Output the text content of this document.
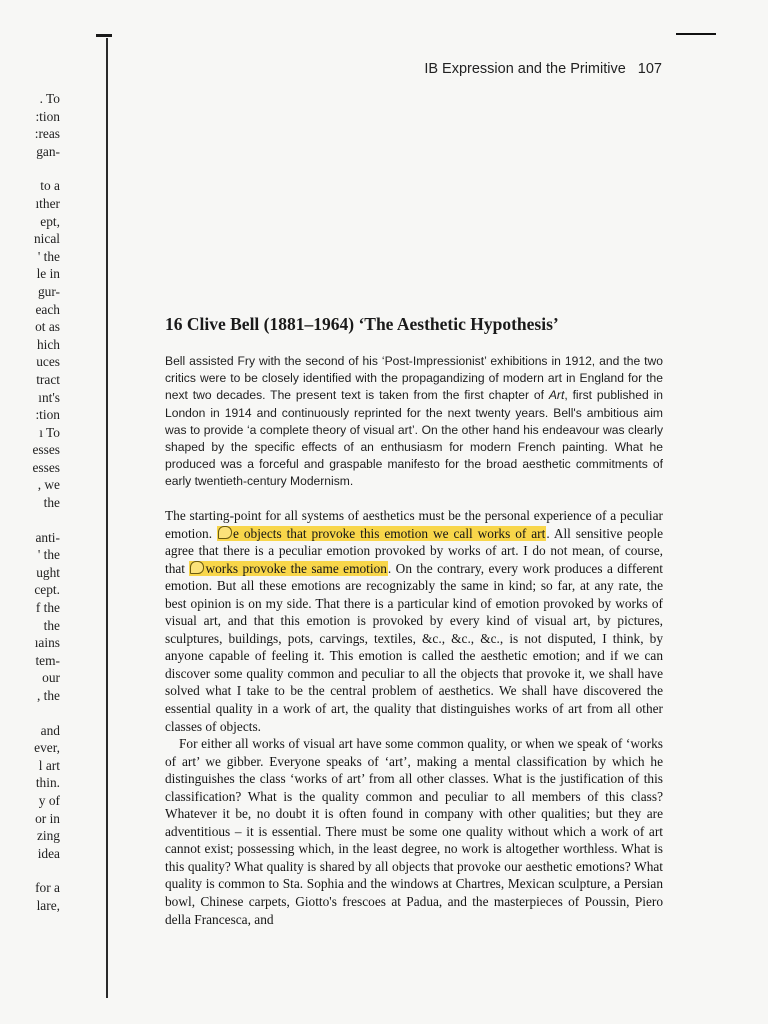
. To
:tion
:reas
gan-
to a
ıther
ept,
nical
' the
le in
gur-
each
ot as
hich
uces
tract
ınt's
:tion
ı To
esses
esses
, we
the
anti-
' the
ught
cept.
f the
the
ıains
tem-
our
, the
and
ever,
l art
thin.
y of
or in
zing
idea
for a
lare,
IB Expression and the Primitive 107
16 Clive Bell (1881–1964) ‘The Aesthetic Hypothesis’
Bell assisted Fry with the second of his ‘Post-Impressionist’ exhibitions in 1912, and the two critics were to be closely identified with the propagandizing of modern art in England for the next two decades. The present text is taken from the first chapter of Art, first published in London in 1914 and continuously reprinted for the next twenty years. Bell's ambitious aim was to provide ‘a complete theory of visual art’. On the other hand his endeavour was clearly shaped by the specific effects of an enthusiasm for modern French painting. What he produced was a forceful and graspable manifesto for the broad aesthetic commitments of early twentieth-century Modernism.

The starting-point for all systems of aesthetics must be the personal experience of a peculiar emotion. e objects that provoke this emotion we call works of art. All sensitive people agree that there is a peculiar emotion provoked by works of art. I do not mean, of course, that works provoke the same emotion. On the contrary, every work produces a different emotion. But all these emotions are recognizably the same in kind; so far, at any rate, the best opinion is on my side. That there is a particular kind of emotion provoked by works of visual art, and that this emotion is provoked by every kind of visual art, by pictures, sculptures, buildings, pots, carvings, textiles, &c., &c., &c., is not disputed, I think, by anyone capable of feeling it. This emotion is called the aesthetic emotion; and if we can discover some quality common and peculiar to all the objects that provoke it, we shall have solved what I take to be the central problem of aesthetics. We shall have discovered the essential quality in a work of art, the quality that distinguishes works of art from all other classes of objects.

For either all works of visual art have some common quality, or when we speak of ‘works of art’ we gibber. Everyone speaks of ‘art’, making a mental classification by which he distinguishes the class ‘works of art’ from all other classes. What is the justification of this classification? What is the quality common and peculiar to all members of this class? Whatever it be, no doubt it is often found in company with other qualities; but they are adventitious – it is essential. There must be some one quality without which a work of art cannot exist; possessing which, in the least degree, no work is altogether worthless. What is this quality? What quality is shared by all objects that provoke our aesthetic emotions? What quality is common to Sta. Sophia and the windows at Chartres, Mexican sculpture, a Persian bowl, Chinese carpets, Giotto's frescoes at Padua, and the masterpieces of Poussin, Piero della Francesca, and
